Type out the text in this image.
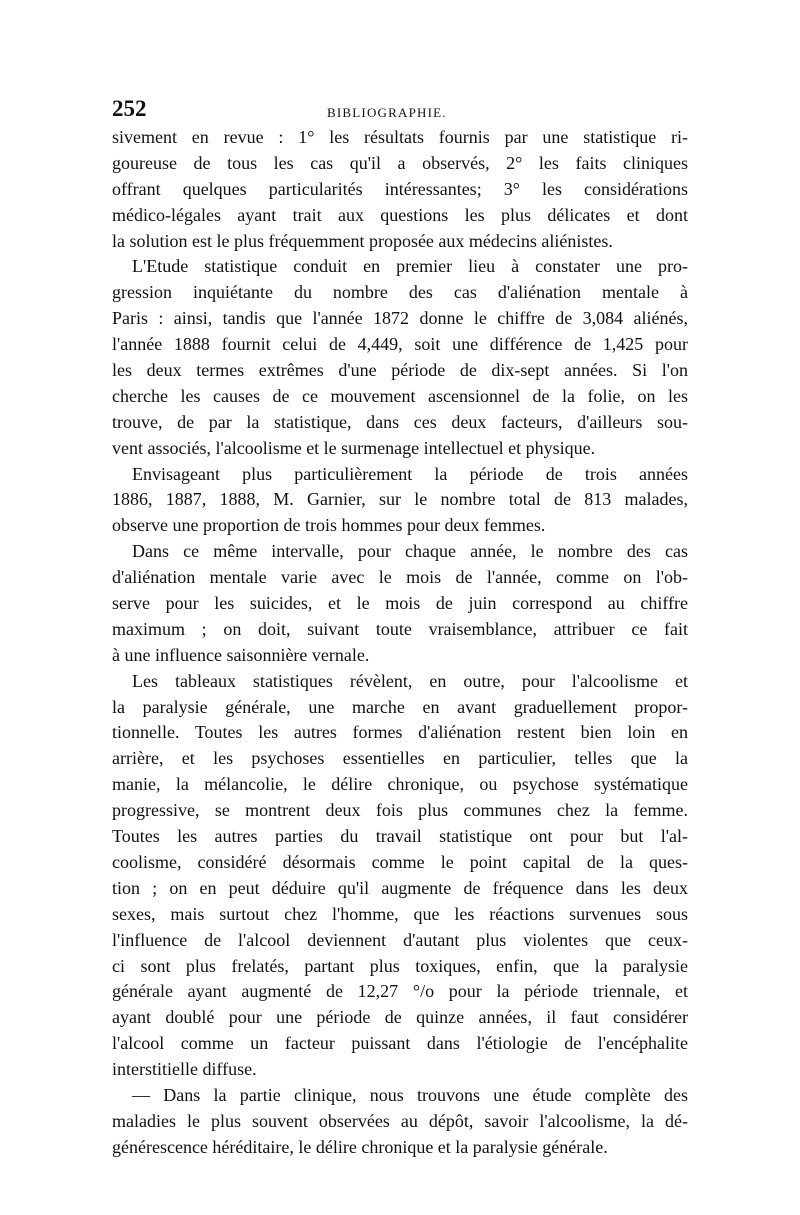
252	BIBLIOGRAPHIE.
sivement en revue : 1° les résultats fournis par une statistique ri-
goureuse de tous les cas qu'il a observés, 2° les faits cliniques
offrant quelques particularités intéressantes; 3° les considérations
médico-légales ayant trait aux questions les plus délicates et dont
la solution est le plus fréquemment proposée aux médecins aliénistes.
L'Etude statistique conduit en premier lieu à constater une pro-
gression inquiétante du nombre des cas d'aliénation mentale à
Paris : ainsi, tandis que l'année 1872 donne le chiffre de 3,084 aliénés,
l'année 1888 fournit celui de 4,449, soit une différence de 1,425 pour
les deux termes extrêmes d'une période de dix-sept années. Si l'on
cherche les causes de ce mouvement ascensionnel de la folie, on les
trouve, de par la statistique, dans ces deux facteurs, d'ailleurs sou-
vent associés, l'alcoolisme et le surmenage intellectuel et physique.
Envisageant plus particulièrement la période de trois années
1886, 1887, 1888, M. Garnier, sur le nombre total de 813 malades,
observe une proportion de trois hommes pour deux femmes.
Dans ce même intervalle, pour chaque année, le nombre des cas
d'aliénation mentale varie avec le mois de l'année, comme on l'ob-
serve pour les suicides, et le mois de juin correspond au chiffre
maximum ; on doit, suivant toute vraisemblance, attribuer ce fait
à une influence saisonnière vernale.
Les tableaux statistiques révèlent, en outre, pour l'alcoolisme et
la paralysie générale, une marche en avant graduellement propor-
tionnelle. Toutes les autres formes d'aliénation restent bien loin en
arrière, et les psychoses essentielles en particulier, telles que la
manie, la mélancolie, le délire chronique, ou psychose systématique
progressive, se montrent deux fois plus communes chez la femme.
Toutes les autres parties du travail statistique ont pour but l'al-
coolisme, considéré désormais comme le point capital de la ques-
tion ; on en peut déduire qu'il augmente de fréquence dans les deux
sexes, mais surtout chez l'homme, que les réactions survenues sous
l'influence de l'alcool deviennent d'autant plus violentes que ceux-
ci sont plus frelatés, partant plus toxiques, enfin, que la paralysie
générale ayant augmenté de 12,27 °/o pour la période triennale, et
ayant doublé pour une période de quinze années, il faut considérer
l'alcool comme un facteur puissant dans l'étiologie de l'encéphalite
interstitielle diffuse.
— Dans la partie clinique, nous trouvons une étude complète des
maladies le plus souvent observées au dépôt, savoir l'alcoolisme, la dé-
générescence héréditaire, le délire chronique et la paralysie générale.
